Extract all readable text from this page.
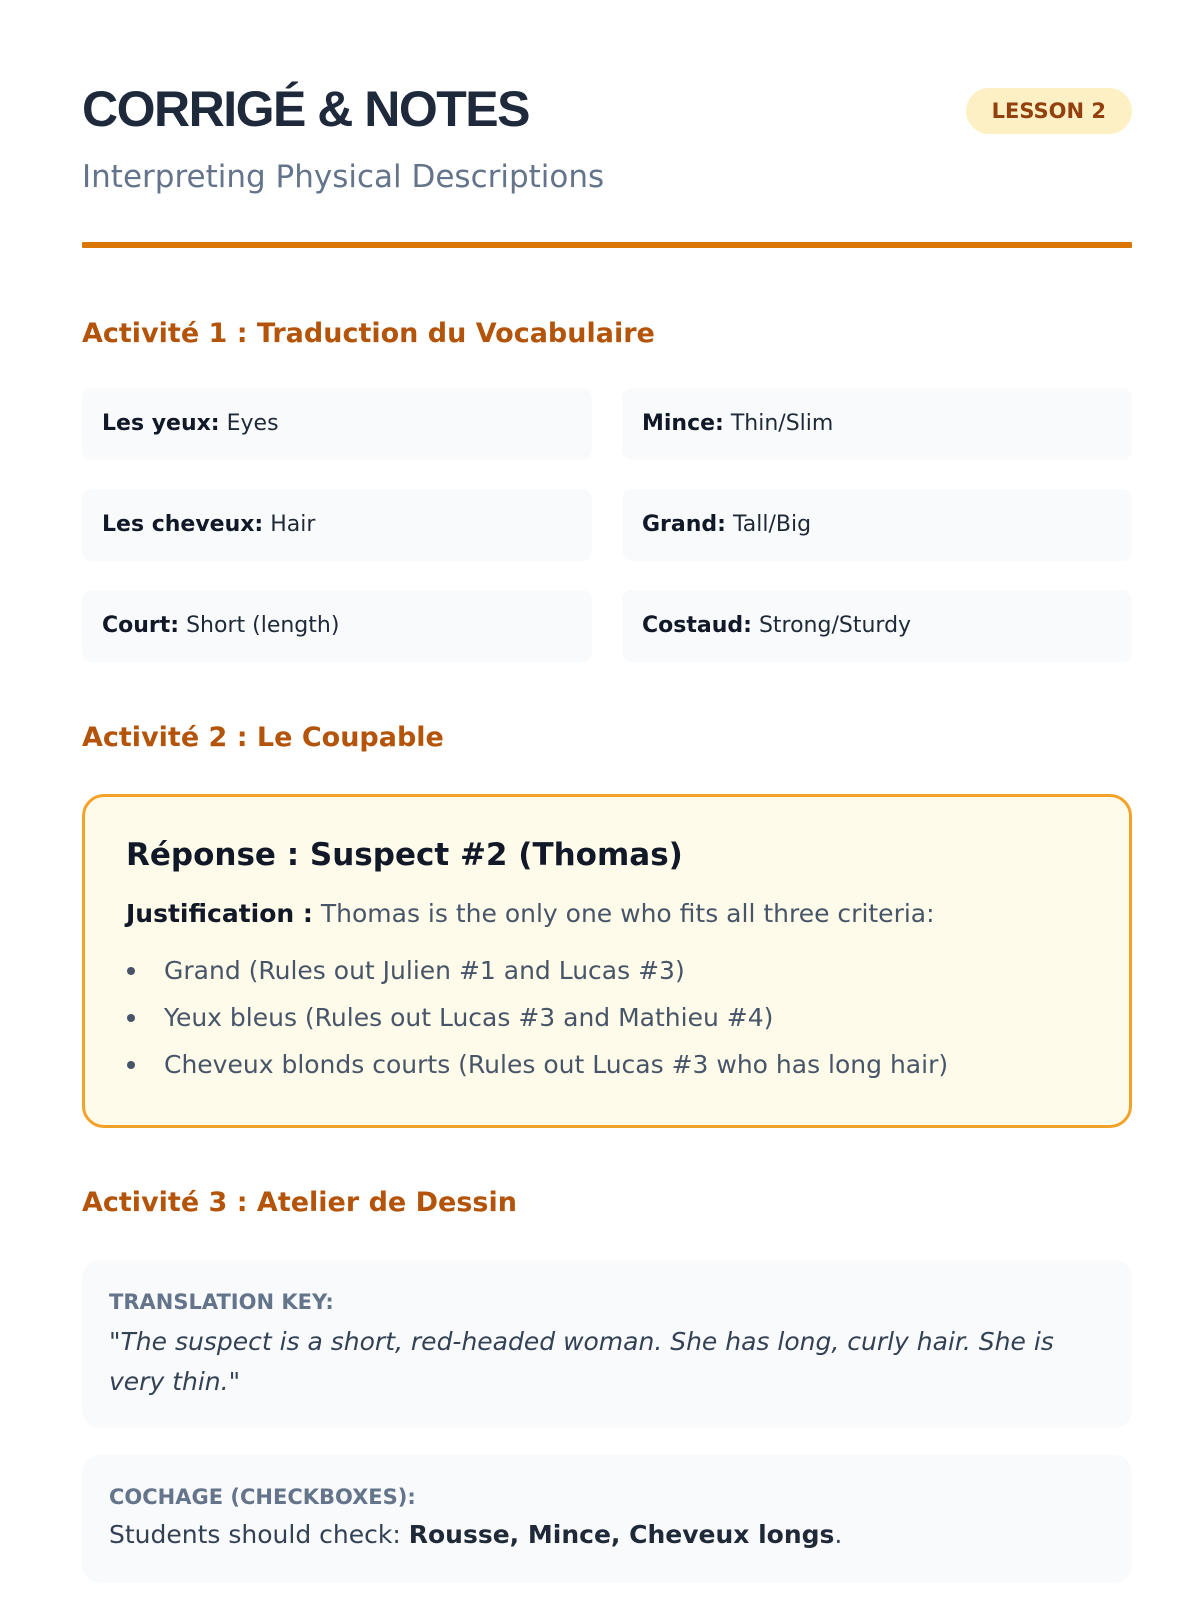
CORRIGÉ & NOTES	LESSON 2
Interpreting Physical Descriptions
Activité 1 : Traduction du Vocabulaire
Les yeux: Eyes	Mince: Thin/Slim
Les cheveux: Hair	Grand: Tall/Big
Court: Short (length)	Costaud: Strong/Sturdy
Activité 2 : Le Coupable
Réponse : Suspect #2 (Thomas)
Justification : Thomas is the only one who fits all three criteria:
Grand (Rules out Julien #1 and Lucas #3)
Yeux bleus (Rules out Lucas #3 and Mathieu #4)
Cheveux blonds courts (Rules out Lucas #3 who has long hair)
Activité 3 : Atelier de Dessin
TRANSLATION KEY:
"The suspect is a short, red-headed woman. She has long, curly hair. She is very thin."
COCHAGE (CHECKBOXES):
Students should check: Rousse, Mince, Cheveux longs.
